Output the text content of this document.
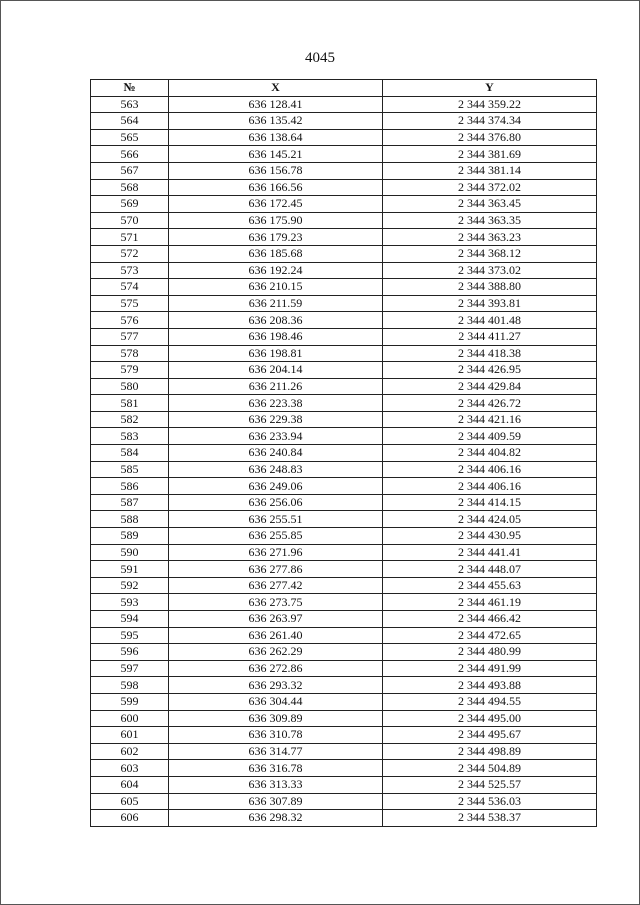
4045
№	X	Y
563	636 128.41	2 344 359.22
564	636 135.42	2 344 374.34
565	636 138.64	2 344 376.80
566	636 145.21	2 344 381.69
567	636 156.78	2 344 381.14
568	636 166.56	2 344 372.02
569	636 172.45	2 344 363.45
570	636 175.90	2 344 363.35
571	636 179.23	2 344 363.23
572	636 185.68	2 344 368.12
573	636 192.24	2 344 373.02
574	636 210.15	2 344 388.80
575	636 211.59	2 344 393.81
576	636 208.36	2 344 401.48
577	636 198.46	2 344 411.27
578	636 198.81	2 344 418.38
579	636 204.14	2 344 426.95
580	636 211.26	2 344 429.84
581	636 223.38	2 344 426.72
582	636 229.38	2 344 421.16
583	636 233.94	2 344 409.59
584	636 240.84	2 344 404.82
585	636 248.83	2 344 406.16
586	636 249.06	2 344 406.16
587	636 256.06	2 344 414.15
588	636 255.51	2 344 424.05
589	636 255.85	2 344 430.95
590	636 271.96	2 344 441.41
591	636 277.86	2 344 448.07
592	636 277.42	2 344 455.63
593	636 273.75	2 344 461.19
594	636 263.97	2 344 466.42
595	636 261.40	2 344 472.65
596	636 262.29	2 344 480.99
597	636 272.86	2 344 491.99
598	636 293.32	2 344 493.88
599	636 304.44	2 344 494.55
600	636 309.89	2 344 495.00
601	636 310.78	2 344 495.67
602	636 314.77	2 344 498.89
603	636 316.78	2 344 504.89
604	636 313.33	2 344 525.57
605	636 307.89	2 344 536.03
606	636 298.32	2 344 538.37
